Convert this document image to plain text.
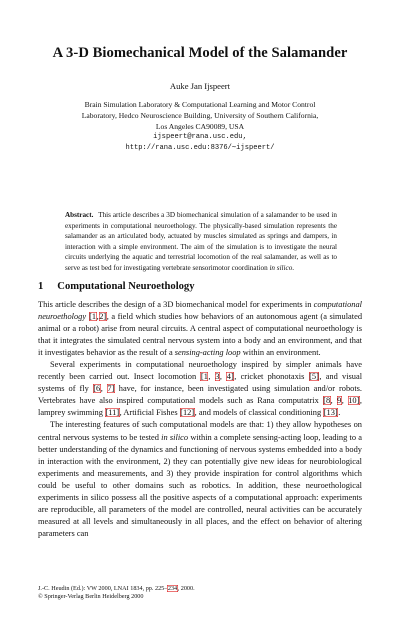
A 3-D Biomechanical Model of the Salamander
Auke Jan Ijspeert
Brain Simulation Laboratory & Computational Learning and Motor Control
Laboratory, Hedco Neuroscience Building, University of Southern California,
Los Angeles CA90089, USA
ijspeert@rana.usc.edu,
http://rana.usc.edu:8376/∼ijspeert/
Abstract. This article describes a 3D biomechanical simulation of a salamander to be used in experiments in computational neuroethology. The physically-based simulation represents the salamander as an articulated body, actuated by muscles simulated as springs and dampers, in interaction with a simple environment. The aim of the simulation is to investigate the neural circuits underlying the aquatic and terrestrial locomotion of the real salamander, as well as to serve as test bed for investigating vertebrate sensorimotor coordination in silico.
1 Computational Neuroethology

This article describes the design of a 3D biomechanical model for experiments in computational neuroethology [1,2], a field which studies how behaviors of an autonomous agent (a simulated animal or a robot) arise from neural circuits. A central aspect of computational neuroethology is that it integrates the simulated central nervous system into a body and an environment, and that it investigates behavior as the result of a sensing-acting loop within an environment.

Several experiments in computational neuroethology inspired by simpler animals have recently been carried out. Insect locomotion [1, 3, 4], cricket phonotaxis [5], and visual systems of fly [6, 7] have, for instance, been investigated using simulation and/or robots. Vertebrates have also inspired computational models such as Rana computatrix [8, 9, 10], lamprey swimming [11], Artificial Fishes [12], and models of classical conditioning [13].

The interesting features of such computational models are that: 1) they allow hypotheses on central nervous systems to be tested in silico within a complete sensing-acting loop, leading to a better understanding of the dynamics and functioning of nervous systems embedded into a body in interaction with the environment, 2) they can potentially give new ideas for neurobiological experiments and measurements, and 3) they provide inspiration for control algorithms which could be useful to other domains such as robotics. In addition, these neuroethological experiments in silico possess all the positive aspects of a computational approach: experiments are reproducible, all parameters of the model are controlled, neural activities can be accurately measured at all levels and simultaneously in all places, and the effect on behavior of altering parameters can

J.-C. Heudin (Ed.): VW 2000, LNAI 1834, pp. 225–234, 2000.
© Springer-Verlag Berlin Heidelberg 2000
